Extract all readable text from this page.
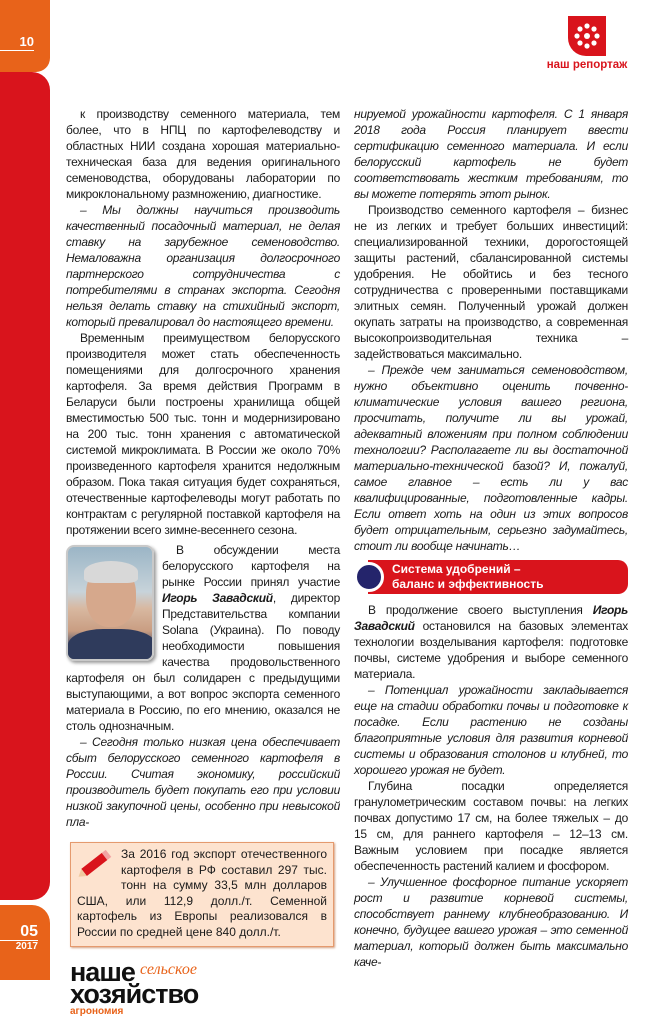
10
05
2017
наш репортаж

к производству семенного материала, тем более, что в НПЦ по картофелеводству и областных НИИ создана хорошая материально-техническая база для ведения оригинального семеноводства, оборудованы лаборатории по микроклональному размножению, диагностике.

– Мы должны научиться производить качественный посадочный материал, не делая ставку на зарубежное семеноводство. Немаловажна организация долгосрочного партнерского сотрудничества с потребителями в странах экспорта. Сегодня нельзя делать ставку на стихийный экспорт, который превалировал до настоящего времени.

Временным преимуществом белорусского производителя может стать обеспеченность помещениями для долгосрочного хранения картофеля. За время действия Программ в Беларуси были построены хранилища общей вместимостью 500 тыс. тонн и модернизировано на 200 тыс. тонн хранения с автоматической системой микроклимата. В России же около 70% произведенного картофеля хранится недолжным образом. Пока такая ситуация будет сохраняться, отечественные картофелеводы могут работать по контрактам с регулярной поставкой картофеля на протяжении всего зимне-весеннего сезона.

В обсуждении места белорусского картофеля на рынке России принял участие Игорь Завадский, директор Представительства компании Solana (Украина). По поводу необходимости повышения качества продовольственного картофеля он был солидарен с предыдущими выступающими, а вот вопрос экспорта семенного материала в Россию, по его мнению, оказался не столь однозначным.

– Сегодня только низкая цена обеспечивает сбыт белорусского семенного картофеля в России. Считая экономику, российский производитель будет покупать его при условии низкой закупочной цены, особенно при невысокой пла-

За 2016 год экспорт отечественного картофеля в РФ составил 297 тыс. тонн на сумму 33,5 млн долларов США, или 112,9 долл./т. Семенной картофель из Европы реализовался в России по средней цене 840 долл./т.
наше сельское
хозяйство
агрономия

нируемой урожайности картофеля. С 1 января 2018 года Россия планирует ввести сертификацию семенного материала. И если белорусский картофель не будет соответствовать жестким требованиям, то вы можете потерять этот рынок.

Производство семенного картофеля – бизнес не из легких и требует больших инвестиций: специализированной техники, дорогостоящей защиты растений, сбалансированной системы удобрения. Не обойтись и без тесного сотрудничества с проверенными поставщиками элитных семян. Полученный урожай должен окупать затраты на производство, а современная высокопроизводительная техника – задействоваться максимально.

– Прежде чем заниматься семеноводством, нужно объективно оценить почвенно-климатические условия вашего региона, просчитать, получите ли вы урожай, адекватный вложениям при полном соблюдении технологии? Располагаете ли вы достаточной материально-технической базой? И, пожалуй, самое главное – есть ли у вас квалифицированные, подготовленные кадры. Если ответ хоть на один из этих вопросов будет отрицательным, серьезно задумайтесь, стоит ли вообще начинать…

Система удобрений –
баланс и эффективность

В продолжение своего выступления Игорь Завадский остановился на базовых элементах технологии возделывания картофеля: подготовке почвы, системе удобрения и выборе семенного материала.

– Потенциал урожайности закладывается еще на стадии обработки почвы и подготовке к посадке. Если растению не созданы благоприятные условия для развития корневой системы и образования столонов и клубней, то хорошего урожая не будет.

Глубина посадки определяется гранулометрическим составом почвы: на легких почвах допустимо 17 см, на более тяжелых – до 15 см, для раннего картофеля – 12–13 см. Важным условием при посадке является обеспеченность растений калием и фосфором.

– Улучшенное фосфорное питание ускоряет рост и развитие корневой системы, способствует раннему клубнеобразованию. И конечно, будущее вашего урожая – это семенной материал, который должен быть максимально каче-
